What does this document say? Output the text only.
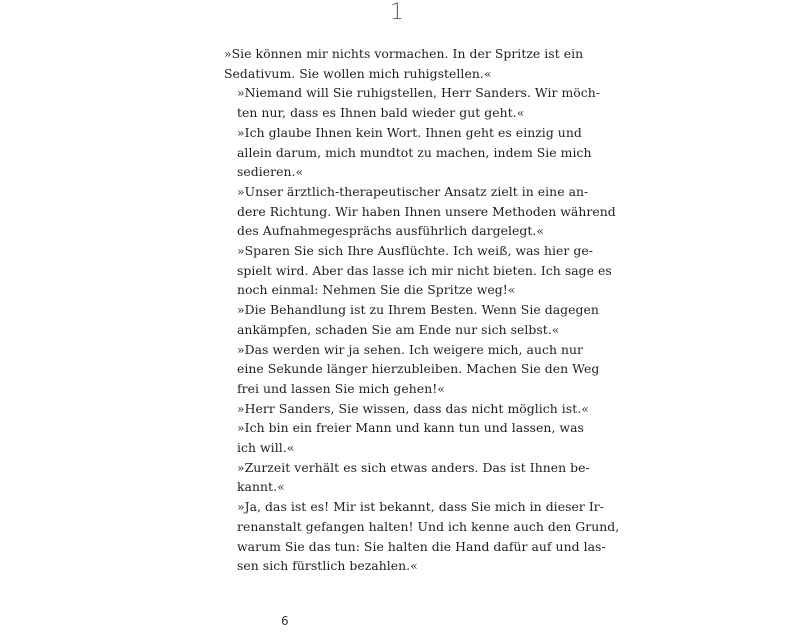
1

»Sie können mir nichts vormachen. In der Spritze ist ein
Sedativum. Sie wollen mich ruhigstellen.«

»Niemand will Sie ruhigstellen, Herr Sanders. Wir möch-
ten nur, dass es Ihnen bald wieder gut geht.«

»Ich glaube Ihnen kein Wort. Ihnen geht es einzig und
allein darum, mich mundtot zu machen, indem Sie mich
sedieren.«

»Unser ärztlich-therapeutischer Ansatz zielt in eine an-
dere Richtung. Wir haben Ihnen unsere Methoden während
des Aufnahmegesprächs ausführlich dargelegt.«

»Sparen Sie sich Ihre Ausflüchte. Ich weiß, was hier ge-
spielt wird. Aber das lasse ich mir nicht bieten. Ich sage es
noch einmal: Nehmen Sie die Spritze weg!«

»Die Behandlung ist zu Ihrem Besten. Wenn Sie dagegen
ankämpfen, schaden Sie am Ende nur sich selbst.«

»Das werden wir ja sehen. Ich weigere mich, auch nur
eine Sekunde länger hierzubleiben. Machen Sie den Weg
frei und lassen Sie mich gehen!«

»Herr Sanders, Sie wissen, dass das nicht möglich ist.«

»Ich bin ein freier Mann und kann tun und lassen, was
ich will.«

»Zurzeit verhält es sich etwas anders. Das ist Ihnen be-
kannt.«

»Ja, das ist es! Mir ist bekannt, dass Sie mich in dieser Ir-
renanstalt gefangen halten! Und ich kenne auch den Grund,
warum Sie das tun: Sie halten die Hand dafür auf und las-
sen sich fürstlich bezahlen.«

6
